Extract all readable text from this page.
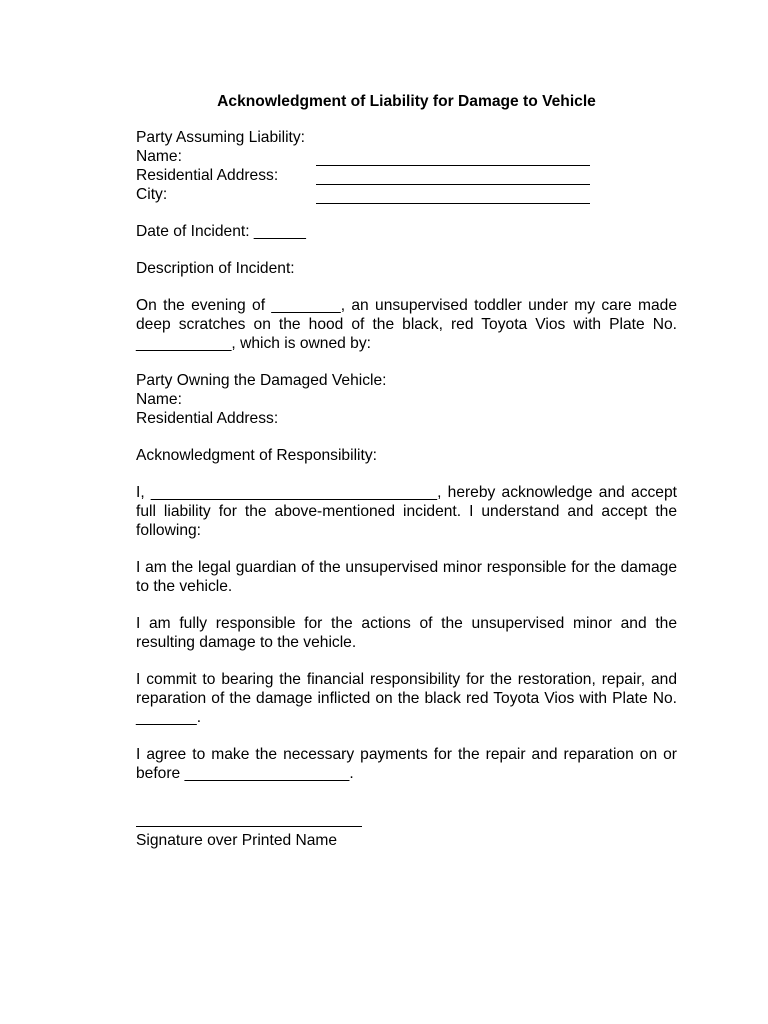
Acknowledgment of Liability for Damage to Vehicle
Party Assuming Liability:
Name:
Residential Address:
City:
Date of Incident: ______
Description of Incident:

On the evening of ________, an unsupervised toddler under my care made deep scratches on the hood of the black, red Toyota Vios with Plate No. ___________, which is owned by:

Party Owning the Damaged Vehicle:
Name:
Residential Address:
Acknowledgment of Responsibility:

I, _________________________________, hereby acknowledge and accept full liability for the above-mentioned incident. I understand and accept the following:

I am the legal guardian of the unsupervised minor responsible for the damage to the vehicle.

I am fully responsible for the actions of the unsupervised minor and the resulting damage to the vehicle.

I commit to bearing the financial responsibility for the restoration, repair, and reparation of the damage inflicted on the black red Toyota Vios with Plate No. _______.

I agree to make the necessary payments for the repair and reparation on or before ___________________.

Signature over Printed Name
